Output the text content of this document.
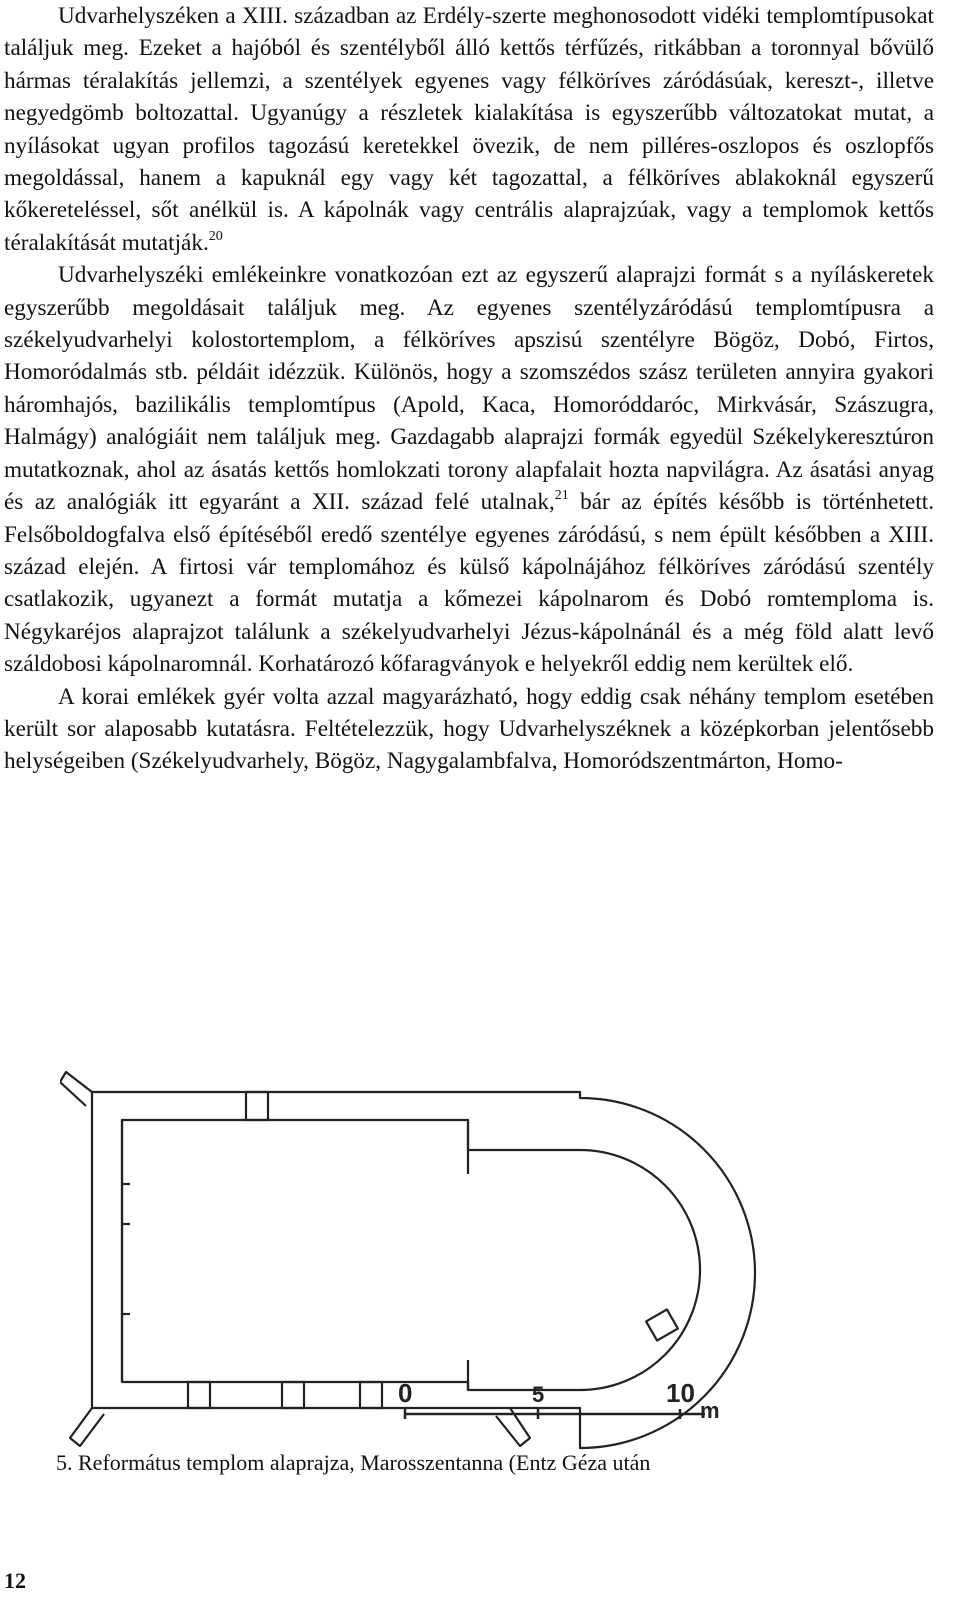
Udvarhelyszéken a XIII. században az Erdély-szerte meghonosodott vidéki templomtípusokat találjuk meg. Ezeket a hajóból és szentélyből álló kettős térfűzés, ritkábban a toronnyal bővülő hármas téralakítás jellemzi, a szentélyek egyenes vagy félköríves záródásúak, kereszt-, illetve negyedgömb boltozattal. Ugyanúgy a részletek kialakítása is egyszerűbb változatokat mutat, a nyílásokat ugyan profilos tagozású keretekkel övezik, de nem pilléres-oszlopos és oszlopfős megoldással, hanem a kapuknál egy vagy két tagozattal, a félköríves ablakoknál egyszerű kőkereteléssel, sőt anélkül is. A kápolnák vagy centrális alaprajzúak, vagy a templomok kettős téralakítását mutatják.$^{20}$

Udvarhelyszéki emlékeinkre vonatkozóan ezt az egyszerű alaprajzi formát s a nyíláskeretek egyszerűbb megoldásait találjuk meg. Az egyenes szentélyzáródású templomtípusra a székelyudvarhelyi kolostortemplom, a félköríves apszisú szentélyre Bögöz, Dobó, Firtos, Homoródalmás stb. példáit idézzük. Különös, hogy a szomszédos szász területen annyira gyakori háromhajós, bazilikális templomtípus (Apold, Kaca, Homoróddaróc, Mirkvásár, Szászugra, Halmágy) analógiáit nem találjuk meg. Gazdagabb alaprajzi formák egyedül Székelykeresztúron mutatkoznak, ahol az ásatás kettős homlokzati torony alapfalait hozta napvilágra. Az ásatási anyag és az analógiák itt egyaránt a XII. század felé utalnak,$^{21}$ bár az építés később is történhetett. Felsőboldogfalva első építéséből eredő szentélye egyenes záródású, s nem épült későbben a XIII. század elején. A firtosi vár templomához és külső kápolnájához félköríves záródású szentély csatlakozik, ugyanezt a formát mutatja a kőmezei kápolnarom és Dobó romtemploma is. Négykaréjos alaprajzot találunk a székelyudvarhelyi Jézus-kápolnánál és a még föld alatt levő száldobosi kápolnaromnál. Korhatározó kőfaragványok e helyekről eddig nem kerültek elő.

A korai emlékek gyér volta azzal magyarázható, hogy eddig csak néhány templom esetében került sor alaposabb kutatásra. Feltételezzük, hogy Udvarhelyszéknek a középkorban jelentősebb helységeiben (Székelyudvarhely, Bögöz, Nagygalambfalva, Homoródszentmárton, Homo-

0	5	10
m
5. Református templom alaprajza, Marosszentanna (Entz Géza után
12
